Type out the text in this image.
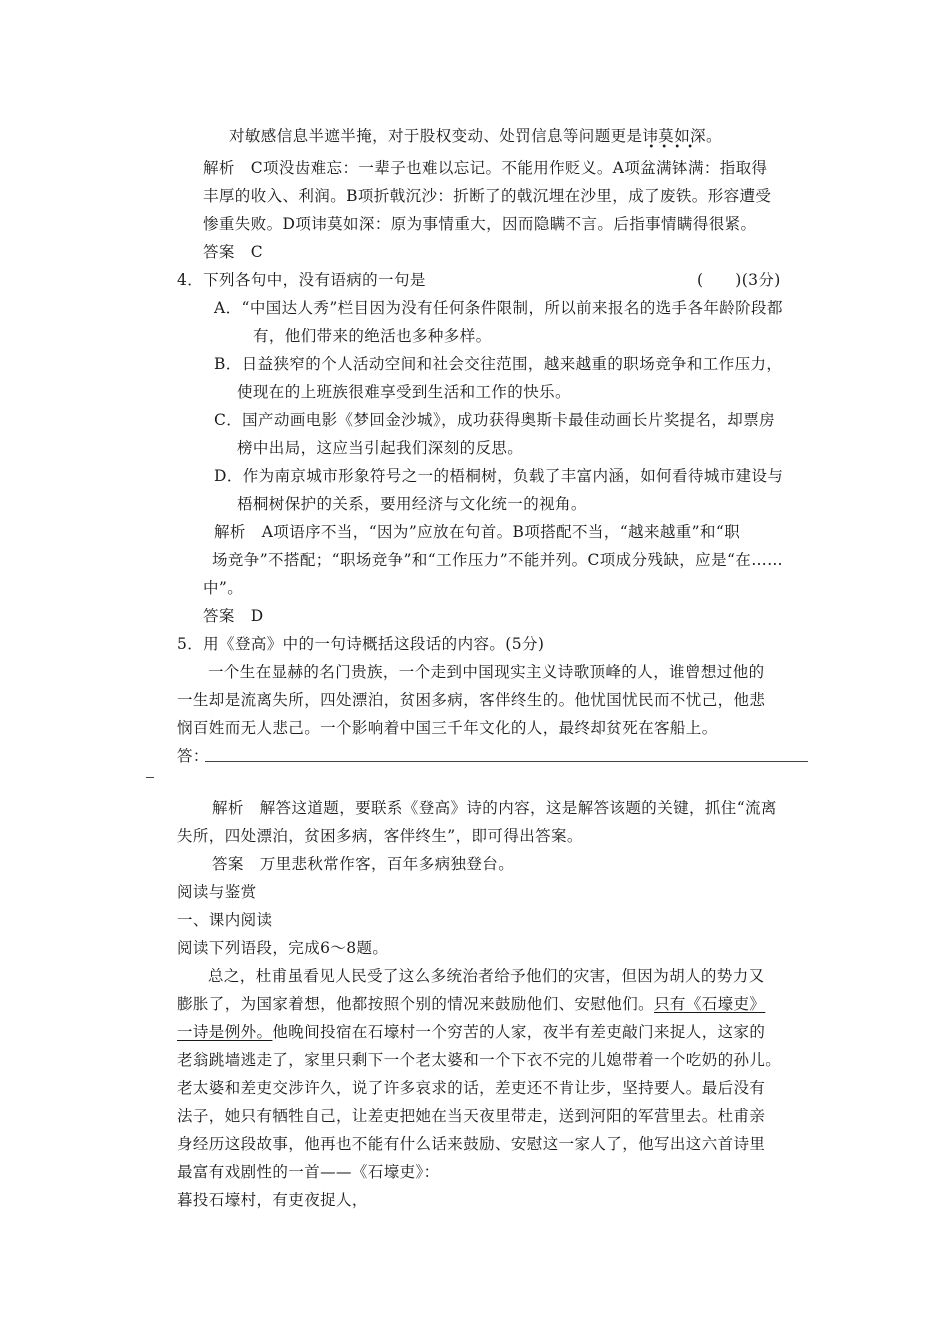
对敏感信息半遮半掩，对于股权变动、处罚信息等问题更是讳莫如深
••••
。
解析　C项没齿难忘：一辈子也难以忘记。不能用作贬义。A项盆满钵满：指取得
丰厚的收入、利润。B项折戟沉沙：折断了的戟沉埋在沙里，成了废铁。形容遭受
惨重失败。D项讳莫如深：原为事情重大，因而隐瞒不言。后指事情瞒得很紧。
答案　C
4．下列各句中，没有语病的一句是	(　　)(3分)
A．“中国达人秀”栏目因为没有任何条件限制，所以前来报名的选手各年龄阶段都
有，他们带来的绝活也多种多样。
B．日益狭窄的个人活动空间和社会交往范围，越来越重的职场竞争和工作压力，
使现在的上班族很难享受到生活和工作的快乐。
C．国产动画电影《梦回金沙城》，成功获得奥斯卡最佳动画长片奖提名，却票房
榜中出局，这应当引起我们深刻的反思。
D．作为南京城市形象符号之一的梧桐树，负载了丰富内涵，如何看待城市建设与
梧桐树保护的关系，要用经济与文化统一的视角。
解析　A项语序不当，“因为”应放在句首。B项搭配不当，“越来越重”和“职
场竞争”不搭配；“职场竞争”和“工作压力”不能并列。C项成分残缺，应是“在……
中”。
答案　D
5．用《登高》中的一句诗概括这段话的内容。(5分)
一个生在显赫的名门贵族，一个走到中国现实主义诗歌顶峰的人，谁曾想过他的
一生却是流离失所，四处漂泊，贫困多病，客伴终生的。他忧国忧民而不忧己，他悲
悯百姓而无人悲己。一个影响着中国三千年文化的人，最终却贫死在客船上。
答：
解析　解答这道题，要联系《登高》诗的内容，这是解答该题的关键，抓住“流离
失所，四处漂泊，贫困多病，客伴终生”，即可得出答案。
答案　万里悲秋常作客，百年多病独登台。
阅读与鉴赏
一、课内阅读
阅读下列语段，完成6～8题。
总之，杜甫虽看见人民受了这么多统治者给予他们的灾害，但因为胡人的势力又
膨胀了，为国家着想，他都按照个别的情况来鼓励他们、安慰他们。只有《石壕吏》
一诗是例外。他晚间投宿在石壕村一个穷苦的人家，夜半有差吏敲门来捉人，这家的
老翁跳墙逃走了，家里只剩下一个老太婆和一个下衣不完的儿媳带着一个吃奶的孙儿。
老太婆和差吏交涉许久，说了许多哀求的话，差吏还不肯让步，坚持要人。最后没有
法子，她只有牺牲自己，让差吏把她在当天夜里带走，送到河阳的军营里去。杜甫亲
身经历这段故事，他再也不能有什么话来鼓励、安慰这一家人了，他写出这六首诗里
最富有戏剧性的一首——《石壕吏》：
暮投石壕村，有吏夜捉人，
